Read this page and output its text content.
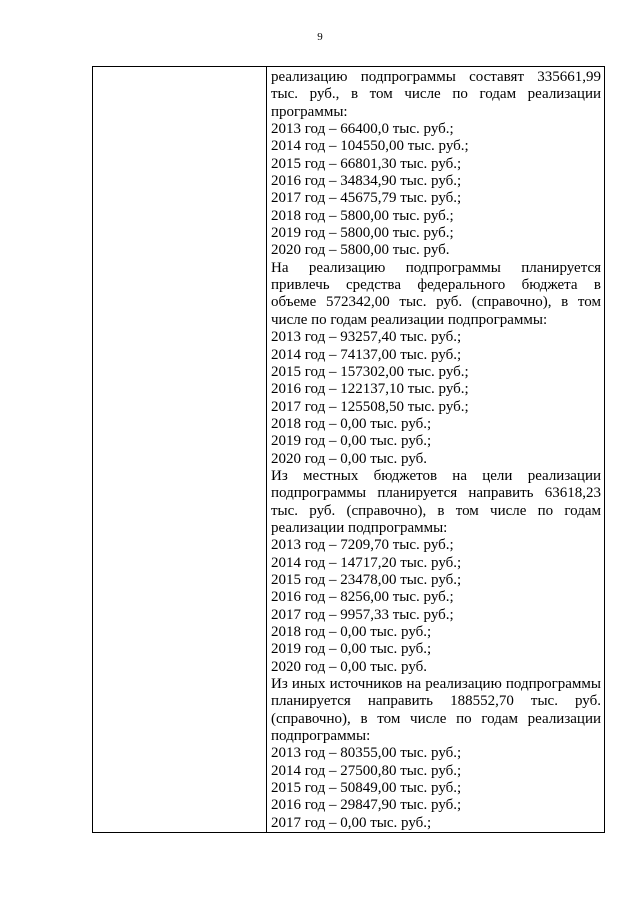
9
реализацию подпрограммы составят 335661,99
тыс. руб., в том числе по годам реализации
программы:
2013 год – 66400,0 тыс. руб.;
2014 год – 104550,00 тыс. руб.;
2015 год – 66801,30 тыс. руб.;
2016 год – 34834,90 тыс. руб.;
2017 год – 45675,79 тыс. руб.;
2018 год – 5800,00 тыс. руб.;
2019 год – 5800,00 тыс. руб.;
2020 год – 5800,00 тыс. руб.
На реализацию подпрограммы планируется
привлечь средства федерального бюджета в
объеме 572342,00 тыс. руб. (справочно), в том
числе по годам реализации подпрограммы:
2013 год – 93257,40 тыс. руб.;
2014 год – 74137,00 тыс. руб.;
2015 год – 157302,00 тыс. руб.;
2016 год – 122137,10 тыс. руб.;
2017 год – 125508,50 тыс. руб.;
2018 год – 0,00 тыс. руб.;
2019 год – 0,00 тыс. руб.;
2020 год – 0,00 тыс. руб.
Из местных бюджетов на цели реализации
подпрограммы планируется направить 63618,23
тыс. руб. (справочно), в том числе по годам
реализации подпрограммы:
2013 год – 7209,70 тыс. руб.;
2014 год – 14717,20 тыс. руб.;
2015 год – 23478,00 тыс. руб.;
2016 год – 8256,00 тыс. руб.;
2017 год – 9957,33 тыс. руб.;
2018 год – 0,00 тыс. руб.;
2019 год – 0,00 тыс. руб.;
2020 год – 0,00 тыс. руб.
Из иных источников на реализацию подпрограммы
планируется направить 188552,70 тыс. руб.
(справочно), в том числе по годам реализации
подпрограммы:
2013 год – 80355,00 тыс. руб.;
2014 год – 27500,80 тыс. руб.;
2015 год – 50849,00 тыс. руб.;
2016 год – 29847,90 тыс. руб.;
2017 год – 0,00 тыс. руб.;
